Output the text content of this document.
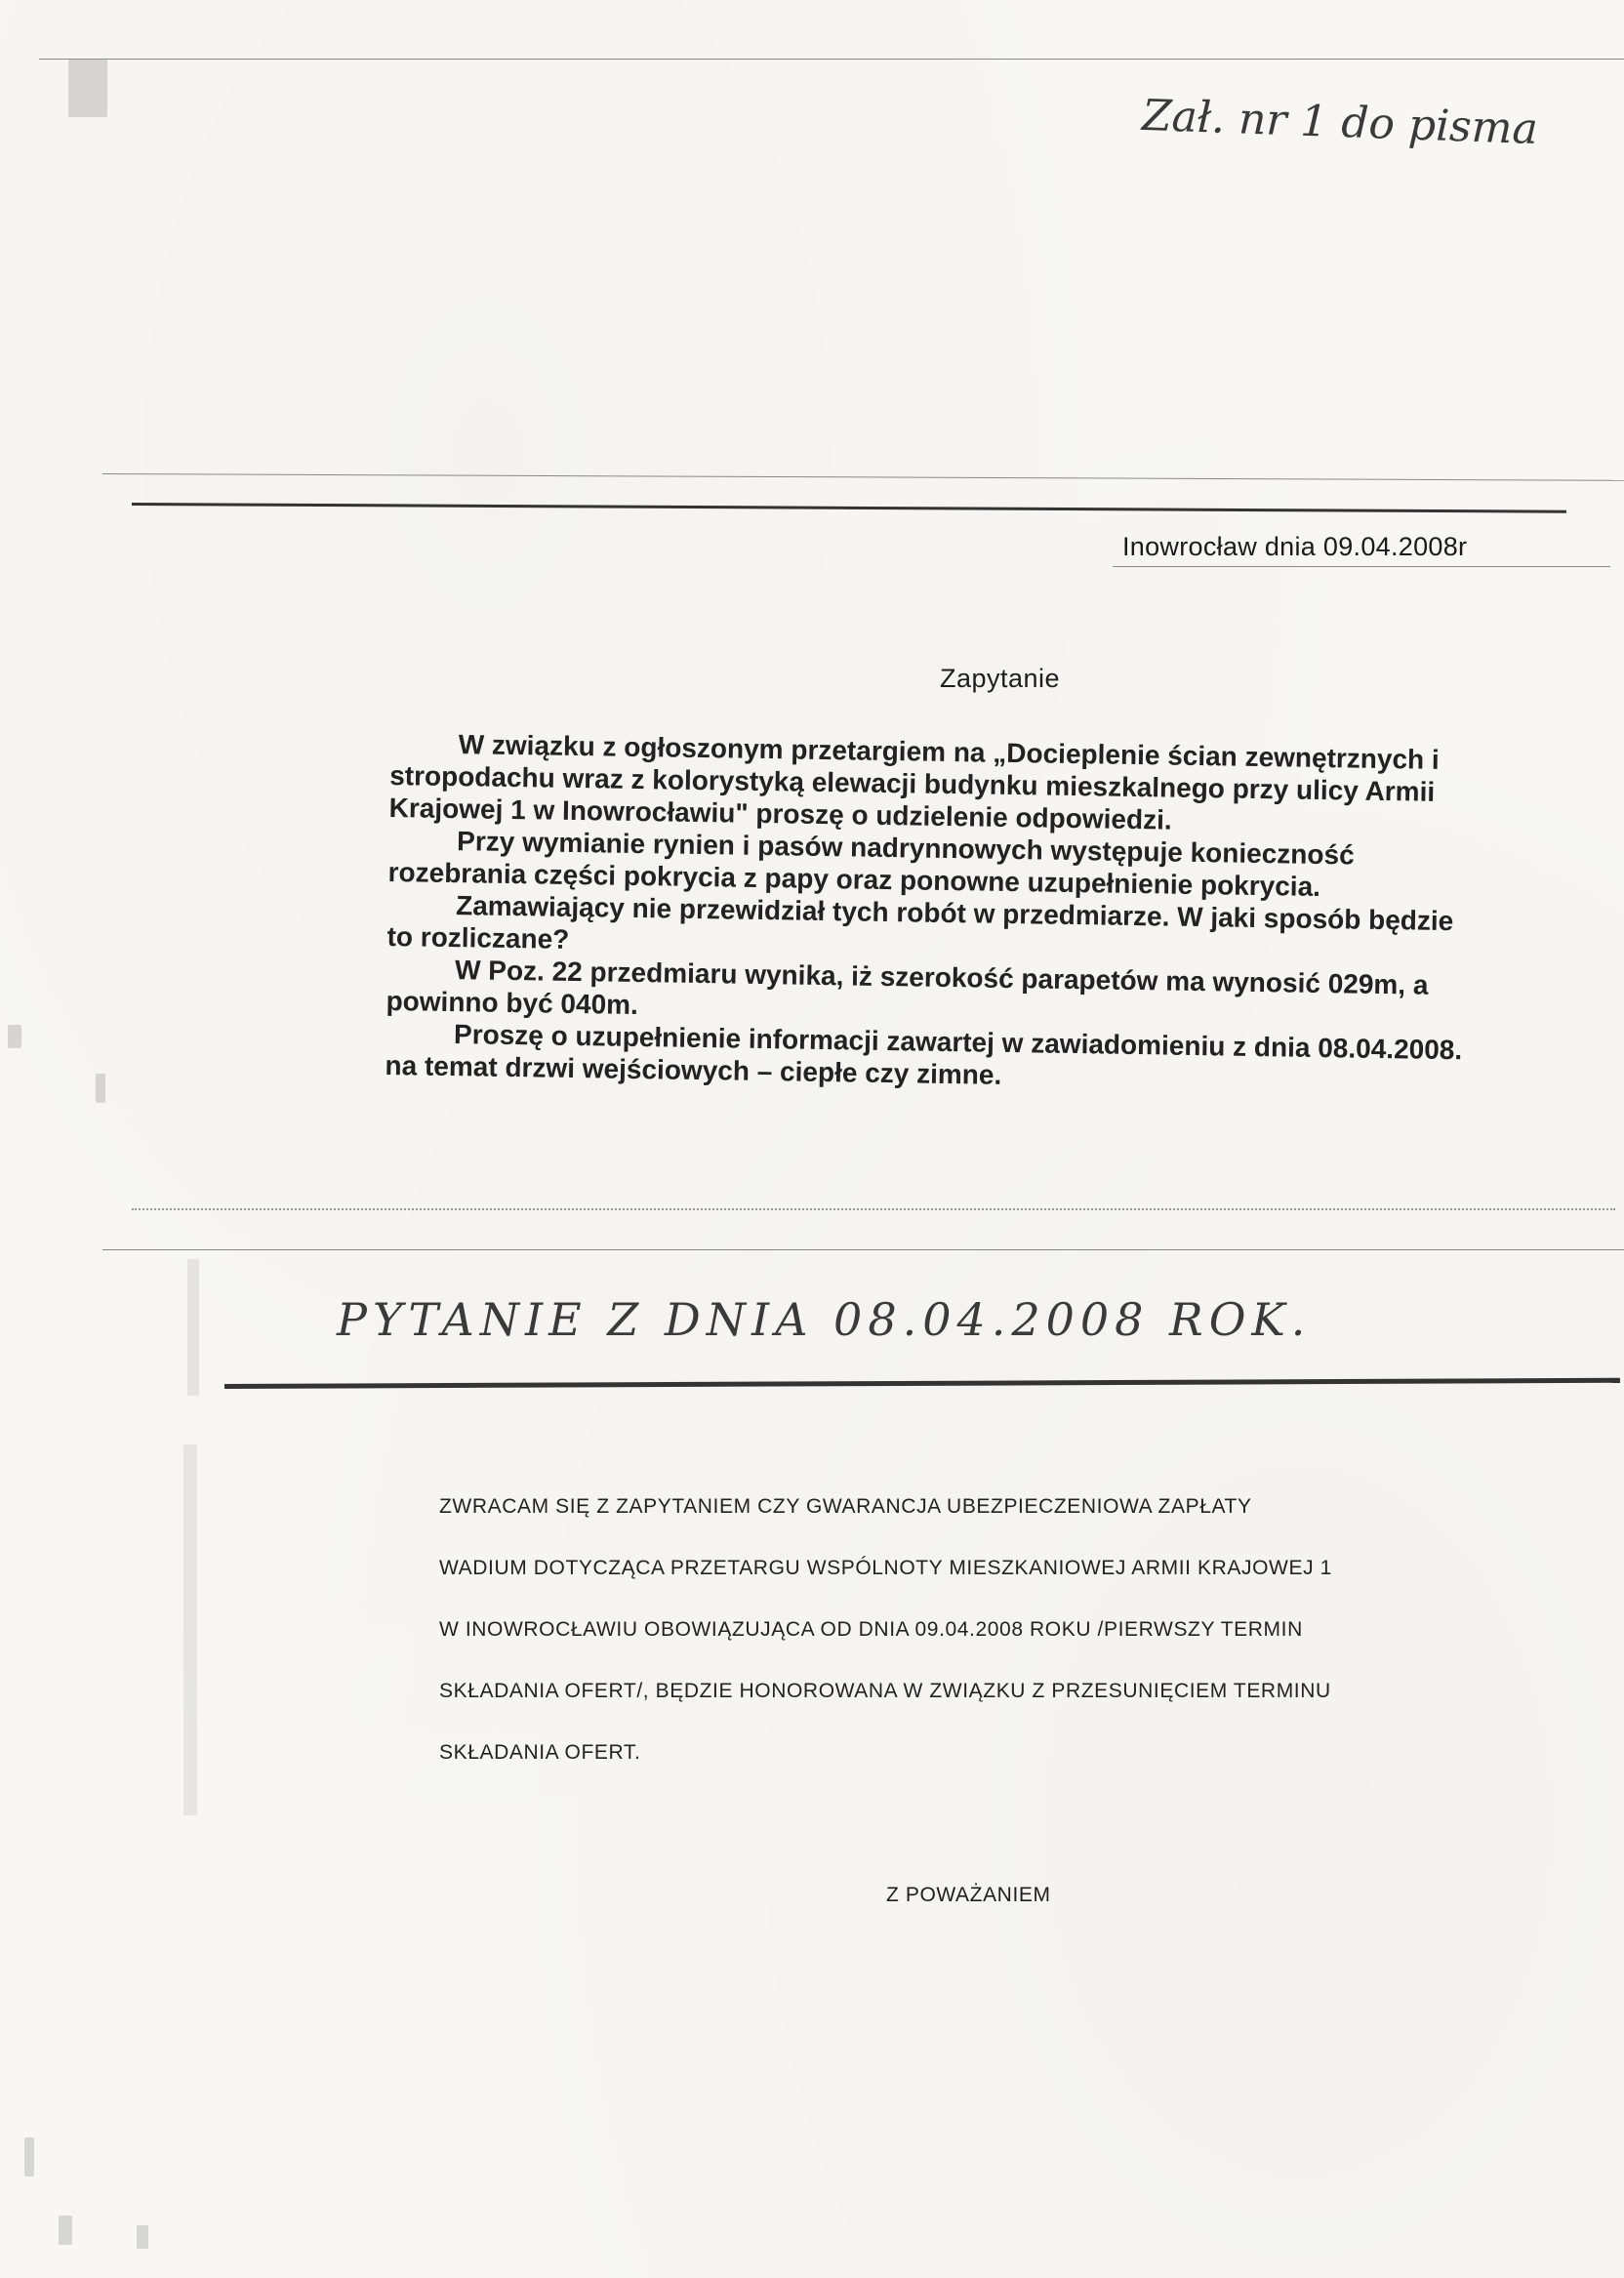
Zał. nr 1 do pisma
Inowrocław dnia 09.04.2008r
Zapytanie

W związku z ogłoszonym przetargiem na „Docieplenie ścian zewnętrznych i stropodachu wraz z kolorystyką elewacji budynku mieszkalnego przy ulicy Armii Krajowej 1 w Inowrocławiu" proszę o udzielenie odpowiedzi.

Przy wymianie rynien i pasów nadrynnowych występuje konieczność rozebrania części pokrycia z papy oraz ponowne uzupełnienie pokrycia.

Zamawiający nie przewidział tych robót w przedmiarze. W jaki sposób będzie to rozliczane?

W Poz. 22 przedmiaru wynika, iż szerokość parapetów ma wynosić 029m, a powinno być 040m.

Proszę o uzupełnienie informacji zawartej w zawiadomieniu z dnia 08.04.2008. na temat drzwi wejściowych – ciepłe czy zimne.

PYTANIE Z DNIA 08.04.2008 ROK.
ZWRACAM SIĘ Z ZAPYTANIEM CZY GWARANCJA UBEZPIECZENIOWA ZAPŁATY
WADIUM DOTYCZĄCA PRZETARGU WSPÓLNOTY MIESZKANIOWEJ ARMII KRAJOWEJ 1
W INOWROCŁAWIU OBOWIĄZUJĄCA OD DNIA 09.04.2008 ROKU /PIERWSZY TERMIN
SKŁADANIA OFERT/, BĘDZIE HONOROWANA W ZWIĄZKU Z PRZESUNIĘCIEM TERMINU
SKŁADANIA OFERT.
Z POWAŻANIEM
